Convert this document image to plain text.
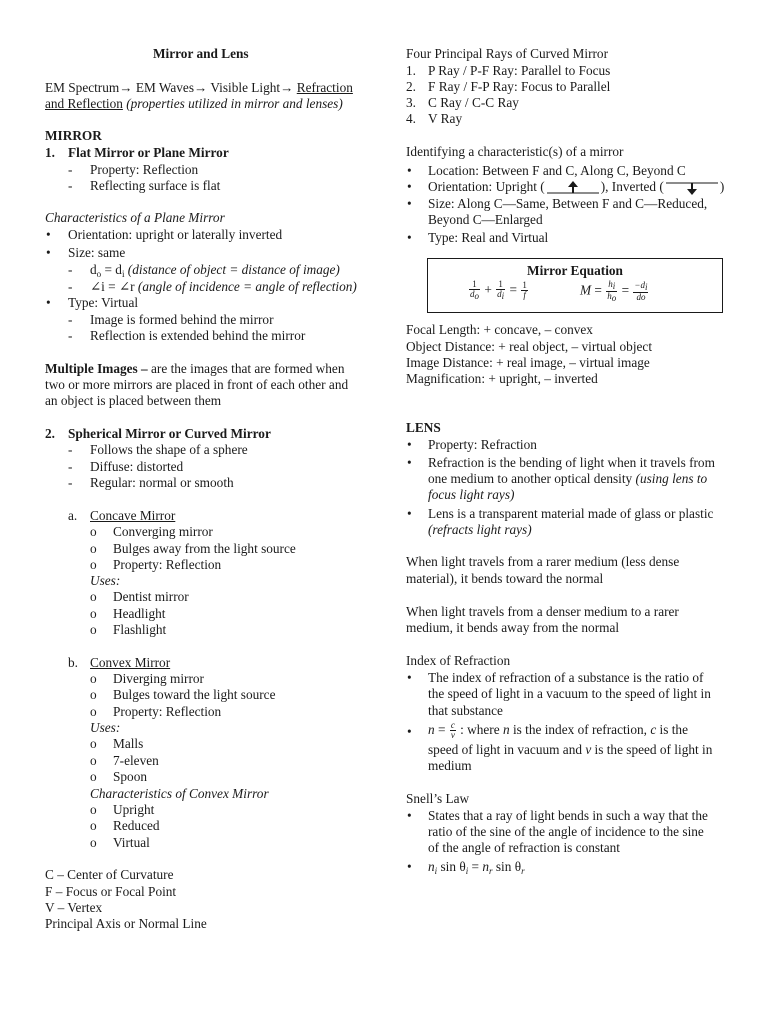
Mirror and Lens
EM Spectrum→ EM Waves→ Visible Light→ Refraction
and Reflection (properties utilized in mirror and lenses)
MIRROR
1. Flat Mirror or Plane Mirror
- Property: Reflection
- Reflecting surface is flat
Characteristics of a Plane Mirror
• Orientation: upright or laterally inverted
• Size: same
- $d_o = d_i$ (distance of object = distance of image)
- ∠i = ∠r (angle of incidence = angle of reflection)
• Type: Virtual
- Image is formed behind the mirror
- Reflection is extended behind the mirror
Multiple Images – are the images that are formed when
two or more mirrors are placed in front of each other and
an object is placed between them
2. Spherical Mirror or Curved Mirror
- Follows the shape of a sphere
- Diffuse: distorted
- Regular: normal or smooth
a. Concave Mirror
o Converging mirror
o Bulges away from the light source
o Property: Reflection
Uses:
o Dentist mirror
o Headlight
o Flashlight
b. Convex Mirror
o Diverging mirror
o Bulges toward the light source
o Property: Reflection
Uses:
o Malls
o 7-eleven
o Spoon
Characteristics of Convex Mirror
o Upright
o Reduced
o Virtual
C – Center of Curvature
F – Focus or Focal Point
V – Vertex
Principal Axis or Normal Line
Four Principal Rays of Curved Mirror
1. P Ray / P-F Ray: Parallel to Focus
2. F Ray / F-P Ray: Focus to Parallel
3. C Ray / C-C Ray
4. V Ray
Identifying a characteristic(s) of a mirror
• Location: Between F and C, Along C, Beyond C
• Orientation: Upright (	), Inverted (	)
• Size: Along C—Same, Between F and C—Reduced,
Beyond C—Enlarged
• Type: Real and Virtual
Mirror Equation
$\frac{1}{do} + \frac{1}{di} = \frac{1}{f}$	$M = \frac{hi}{ho} = \frac{-di}{do}$
Focal Length: + concave, – convex
Object Distance: + real object, – virtual object
Image Distance: + real image, – virtual image
Magnification: + upright, – inverted
LENS
• Property: Refraction
• Refraction is the bending of light when it travels from
one medium to another optical density (using lens to
focus light rays)
• Lens is a transparent material made of glass or plastic
(refracts light rays)
When light travels from a rarer medium (less dense
material), it bends toward the normal
When light travels from a denser medium to a rarer
medium, it bends away from the normal
Index of Refraction
• The index of refraction of a substance is the ratio of
the speed of light in a vacuum to the speed of light in
that substance
• $n = \frac{c}{v}$ : where n is the index of refraction, c is the
speed of light in vacuum and v is the speed of light in
medium
Snell’s Law
• States that a ray of light bends in such a way that the
ratio of the sine of the angle of incidence to the sine
of the angle of refraction is constant
• $n_i$ $\sin \theta_i = n_r$ $\sin \theta_r$
